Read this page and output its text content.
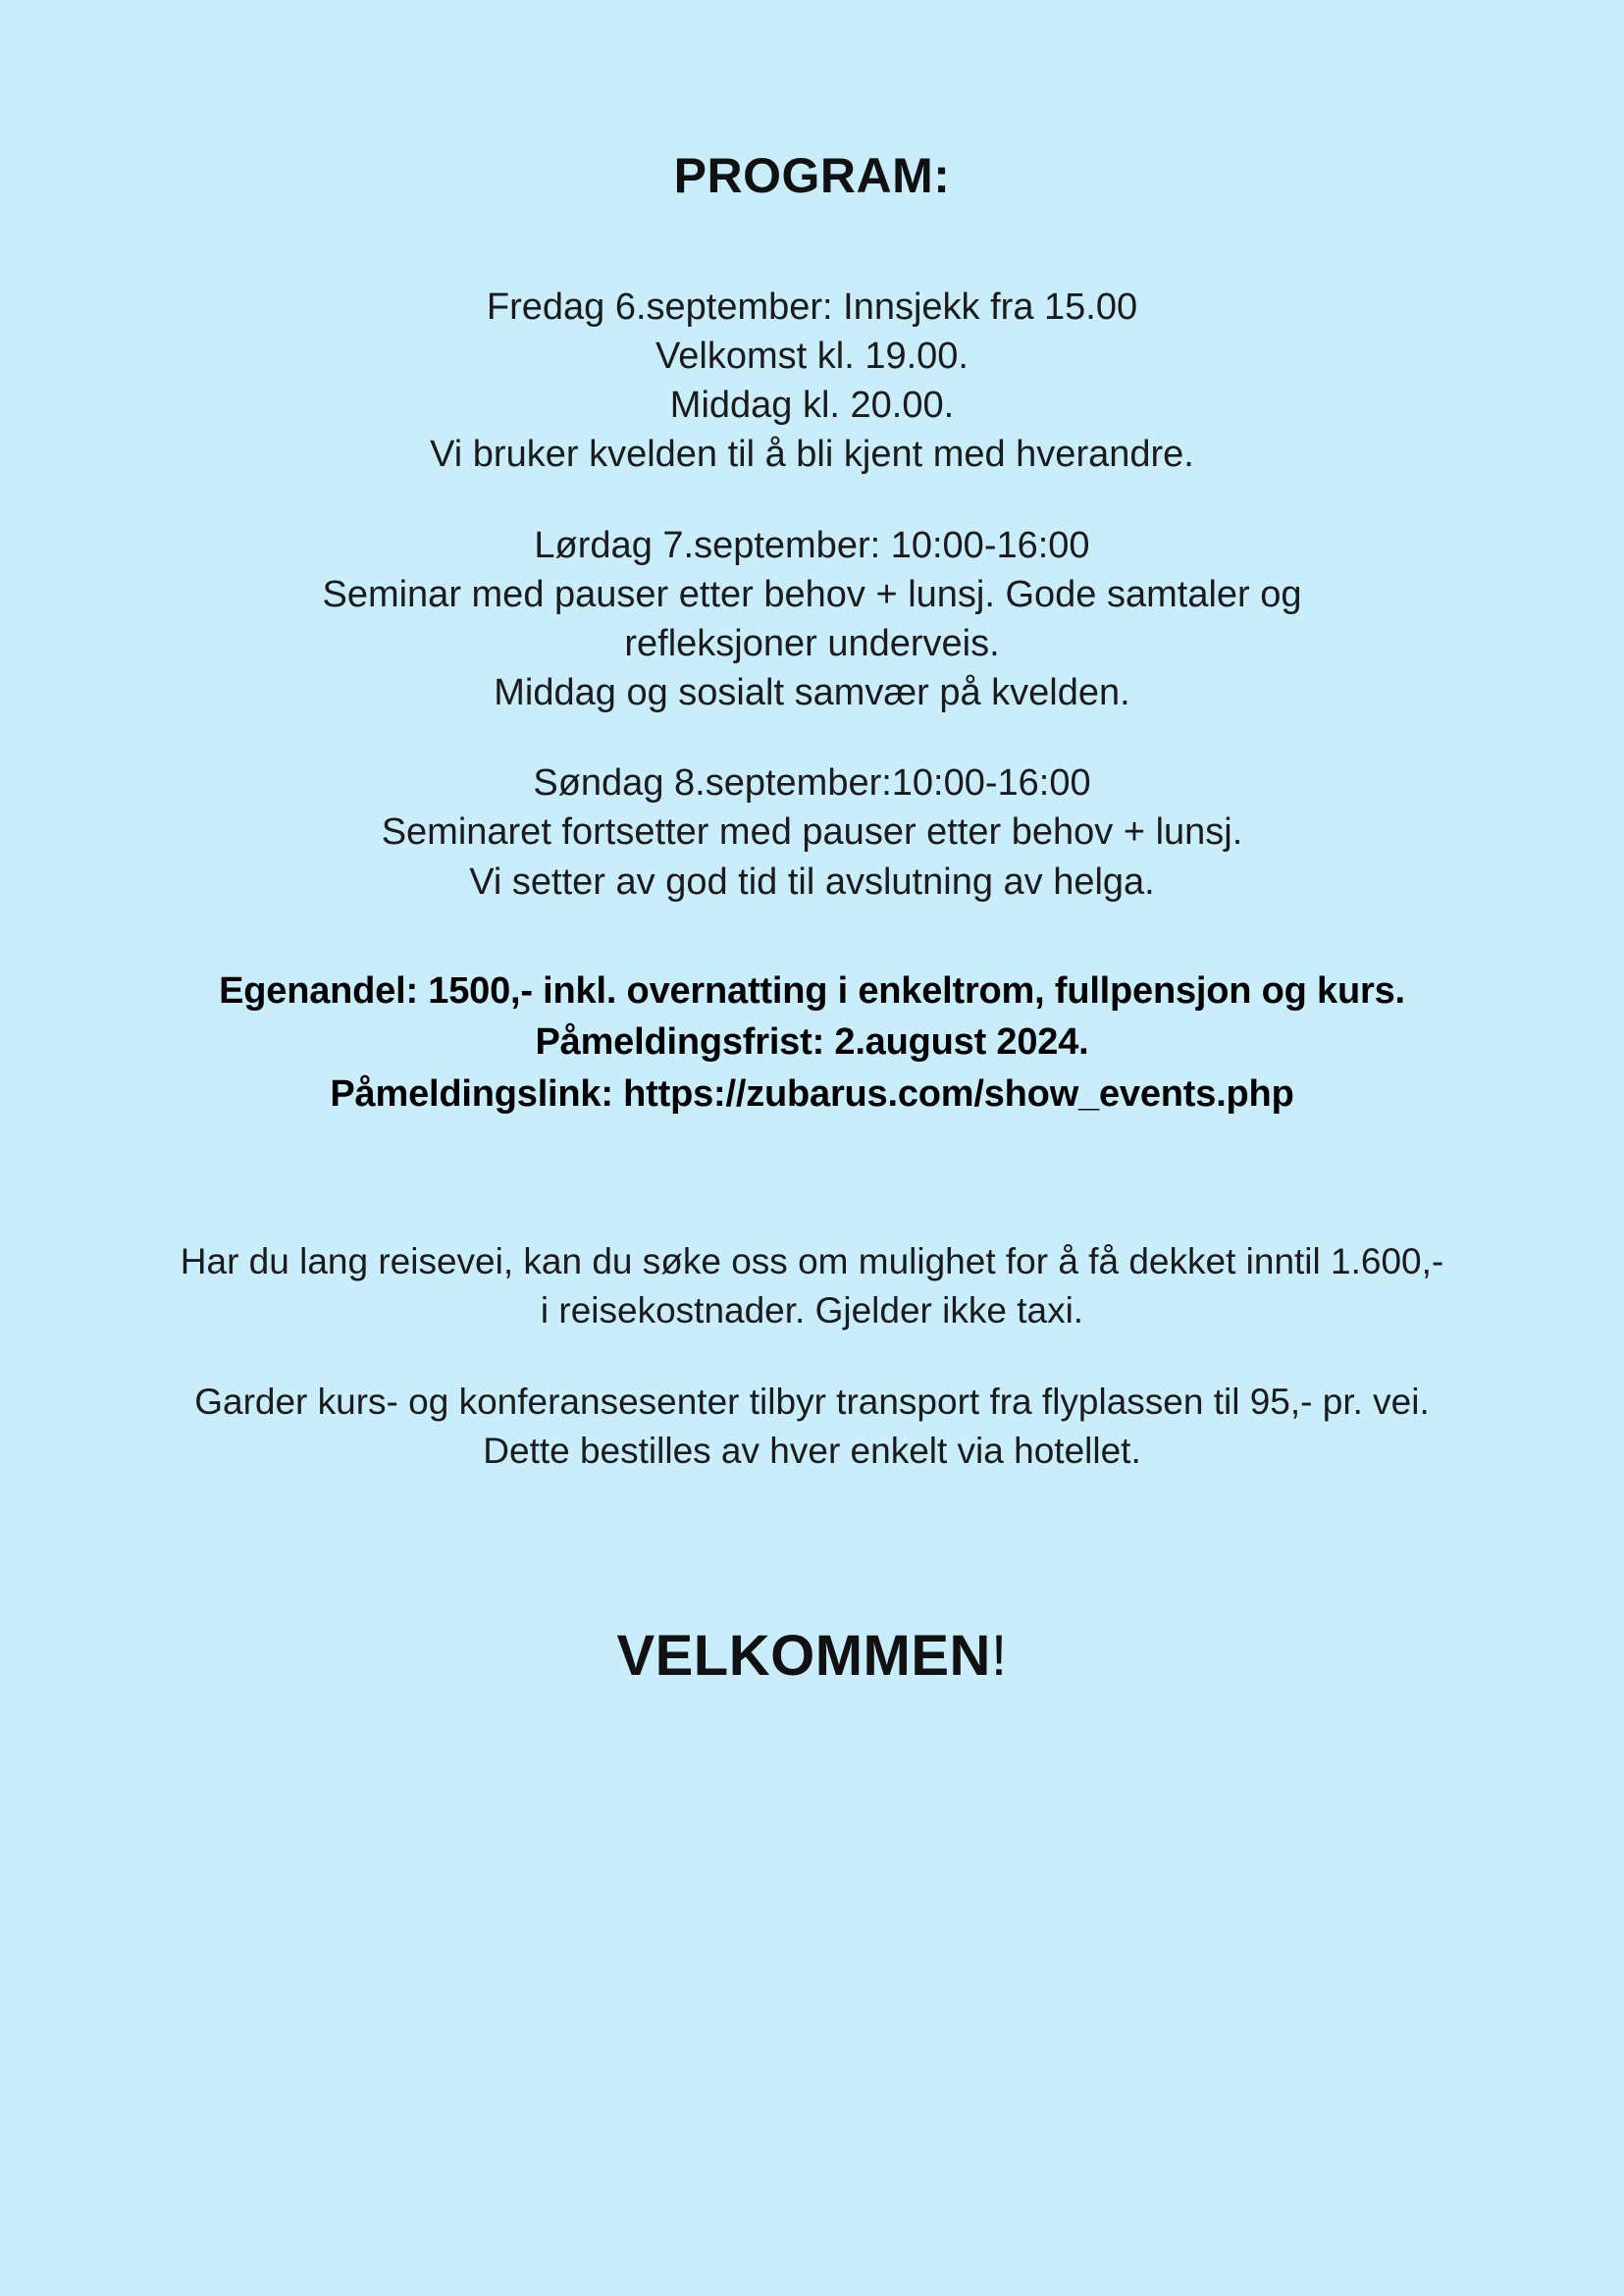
PROGRAM:
Fredag 6.september: Innsjekk fra 15.00
Velkomst kl. 19.00.
Middag kl. 20.00.
Vi bruker kvelden til å bli kjent med hverandre.
Lørdag 7.september: 10:00-16:00
Seminar med pauser etter behov + lunsj. Gode samtaler og
refleksjoner underveis.
Middag og sosialt samvær på kvelden.
Søndag 8.september:10:00-16:00
Seminaret fortsetter med pauser etter behov + lunsj.
Vi setter av god tid til avslutning av helga.
Egenandel: 1500,- inkl. overnatting i enkeltrom, fullpensjon og kurs.
Påmeldingsfrist: 2.august 2024.
Påmeldingslink: https://zubarus.com/show_events.php
Har du lang reisevei, kan du søke oss om mulighet for å få dekket inntil 1.600,-
i reisekostnader. Gjelder ikke taxi.
Garder kurs- og konferansesenter tilbyr transport fra flyplassen til 95,- pr. vei.
Dette bestilles av hver enkelt via hotellet.
VELKOMMEN!
